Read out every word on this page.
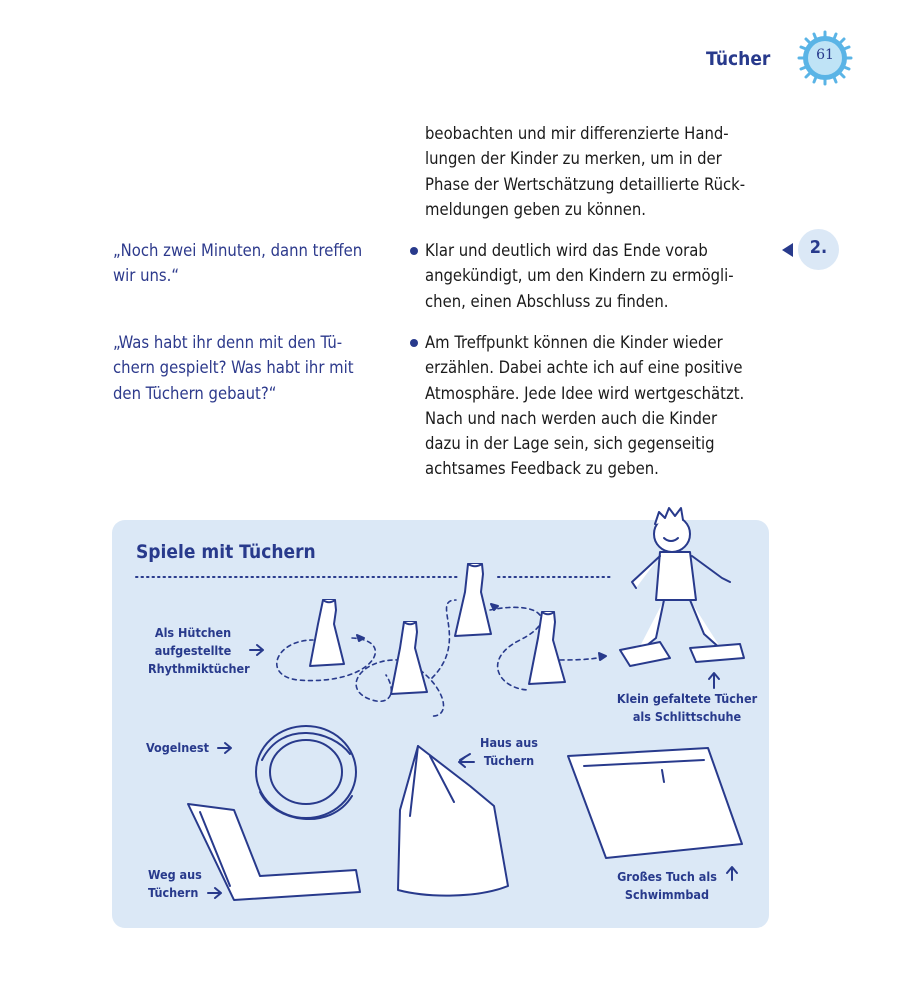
Tücher	61
beobachten und mir differenzierte Hand-
lungen der Kinder zu merken, um in der
Phase der Wertschätzung detaillierte Rück-
meldungen geben zu können.
„Noch zwei Minuten, dann treffen
wir uns.“
Klar und deutlich wird das Ende vorab
angekündigt, um den Kindern zu ermögli-
chen, einen Abschluss zu finden.
2.
„Was habt ihr denn mit den Tü-
chern gespielt? Was habt ihr mit
den Tüchern gebaut?“
Am Treffpunkt können die Kinder wieder
erzählen. Dabei achte ich auf eine positive
Atmosphäre. Jede Idee wird wertgeschätzt.
Nach und nach werden auch die Kinder
dazu in der Lage sein, sich gegenseitig
achtsames Feedback zu geben.
Spiele mit Tüchern
Als Hütchen
aufgestellte
Rhythmiktücher
Klein gefaltete Tücher
als Schlittschuhe
Vogelnest	Haus aus
Tüchern
Weg aus
Tüchern
Großes Tuch als
Schwimmbad
